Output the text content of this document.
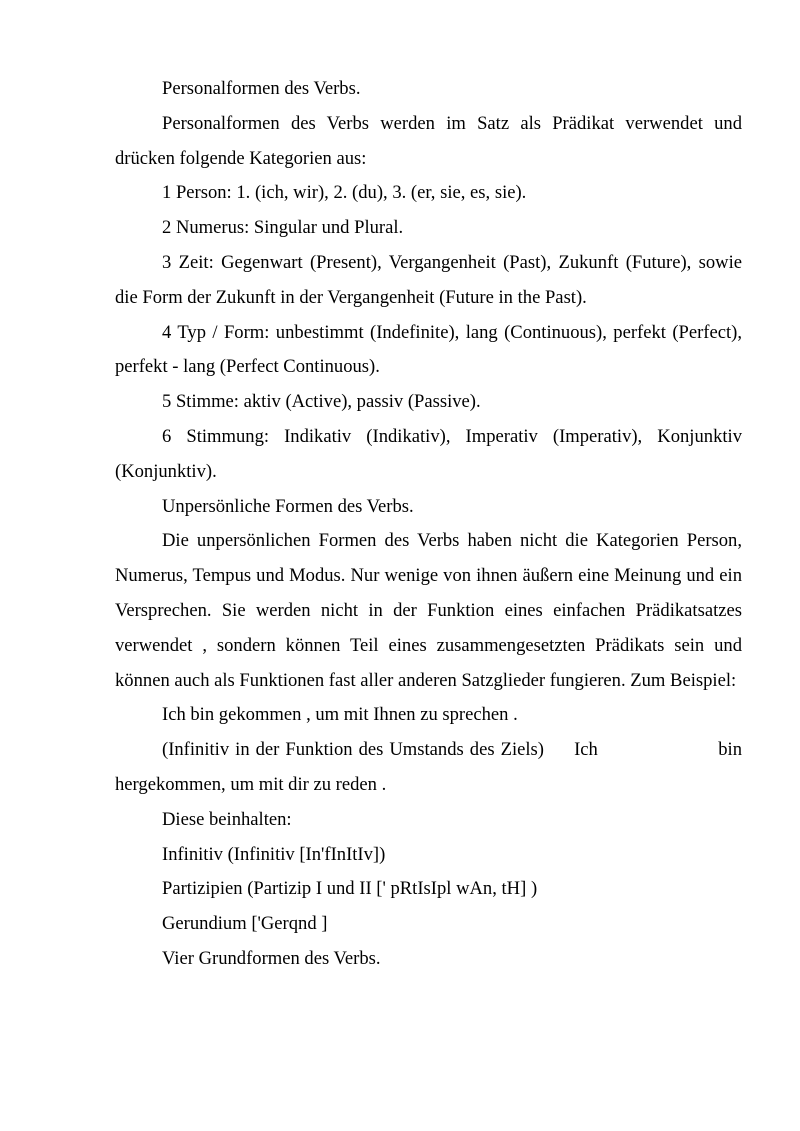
Personalformen des Verbs.

Personalformen des Verbs werden im Satz als Prädikat verwendet und drücken folgende Kategorien aus:

1 Person: 1. (ich, wir), 2. (du), 3. (er, sie, es, sie).

2 Numerus: Singular und Plural.

3 Zeit: Gegenwart (Present), Vergangenheit (Past), Zukunft (Future), sowie die Form der Zukunft in der Vergangenheit (Future in the Past).

4 Typ / Form: unbestimmt (Indefinite), lang (Continuous), perfekt (Perfect), perfekt - lang (Perfect Continuous).

5 Stimme: aktiv (Active), passiv (Passive).

6 Stimmung: Indikativ (Indikativ), Imperativ (Imperativ), Konjunktiv (Konjunktiv).

Unpersönliche Formen des Verbs.

Die unpersönlichen Formen des Verbs haben nicht die Kategorien Person, Numerus, Tempus und Modus. Nur wenige von ihnen äußern eine Meinung und ein Versprechen. Sie werden nicht in der Funktion eines einfachen Prädikatsatzes verwendet , sondern können Teil eines zusammengesetzten Prädikats sein und können auch als Funktionen fast aller anderen Satzglieder fungieren. Zum Beispiel:

Ich bin gekommen , um mit Ihnen zu sprechen .

(Infinitiv in der Funktion des Umstands des Ziels)     Ich                    bin hergekommen, um mit dir zu reden .

Diese beinhalten:

Infinitiv (Infinitiv [In'fInItIv])

Partizipien (Partizip I und II [' pRtIsIpl wAn, tH] )

Gerundium ['Gerqnd ]

Vier Grundformen des Verbs.
